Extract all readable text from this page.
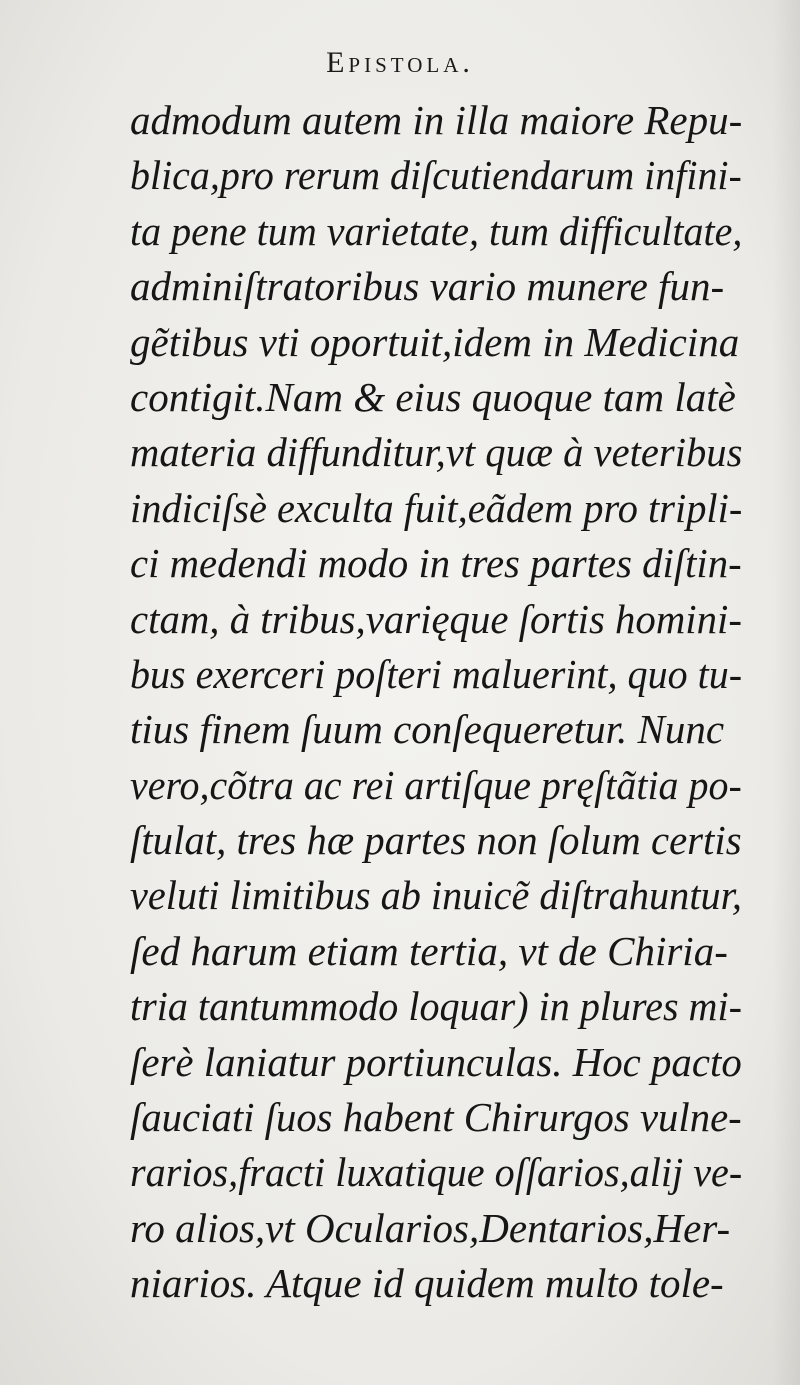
Epistola.
admodum autem in illa maiore Repu-
blica,pro rerum diſcutiendarum infini-
ta pene tum varietate, tum difficultate,
adminiſtratoribus vario munere fun-
gẽtibus vti oportuit,idem in Medicina
contigit.Nam & eius quoque tam latè
materia diffunditur,vt quæ à veteribus
indiciſsè exculta fuit,eãdem pro tripli-
ci medendi modo in tres partes diſtin-
ctam, à tribus,varięque ſortis homini-
bus exerceri poſteri maluerint, quo tu-
tius finem ſuum conſequeretur. Nunc
vero,cõtra ac rei artiſque pręſtãtia po-
ſtulat, tres hæ partes non ſolum certis
veluti limitibus ab inuicẽ diſtrahuntur,
ſed harum etiam tertia, vt de Chiria-
tria tantummodo loquar) in plures mi-
ſerè laniatur portiunculas. Hoc pacto
ſauciati ſuos habent Chirurgos vulne-
rarios,fracti luxatique oſſarios,alij ve-
ro alios,vt Ocularios,Dentarios,Her-
niarios. Atque id quidem multo tole-
